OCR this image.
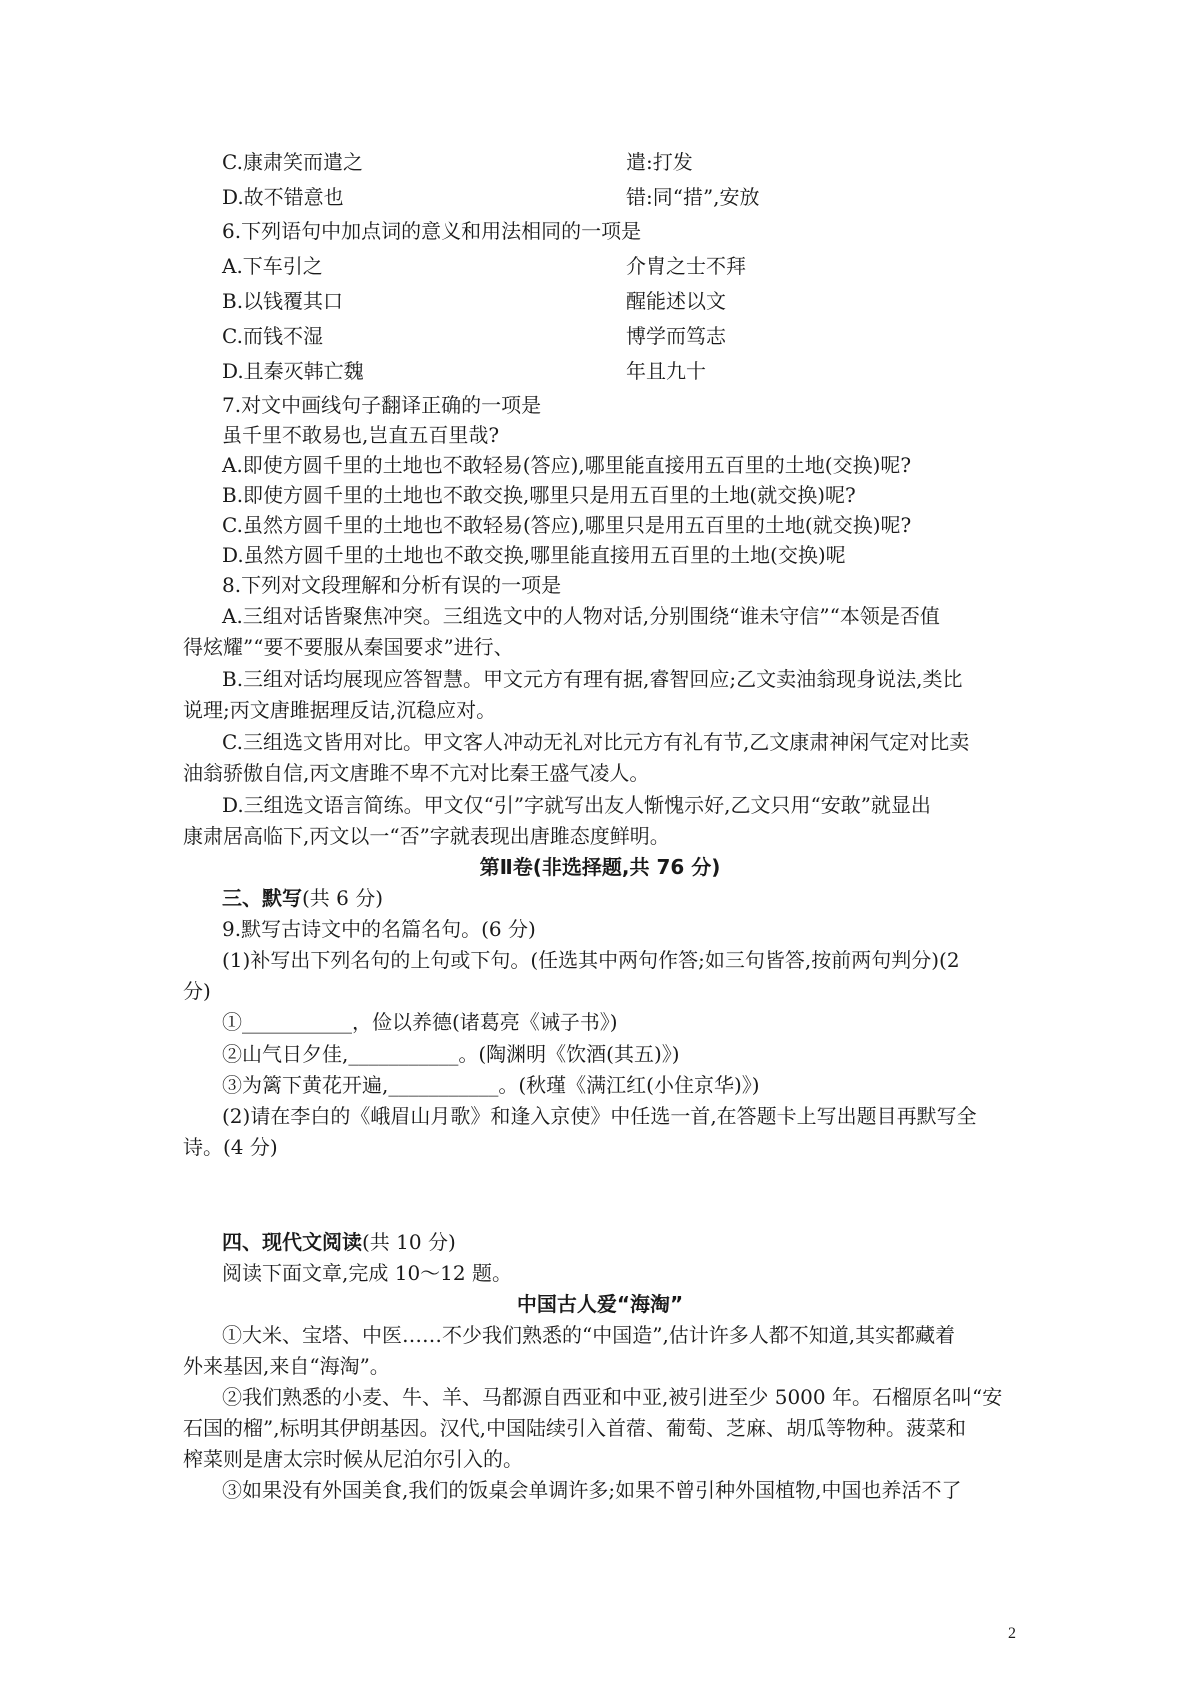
C.康肃笑而遣之	遣:打发
D.故不错意也	错:同“措”,安放
6.下列语句中加点词的意义和用法相同的一项是
A.下车引之	介胄之士不拜
B.以钱覆其口	醒能述以文
C.而钱不湿	博学而笃志
D.且秦灭韩亡魏	年且九十
7.对文中画线句子翻译正确的一项是
虽千里不敢易也,岂直五百里哉?
A.即使方圆千里的土地也不敢轻易(答应),哪里能直接用五百里的土地(交换)呢?
B.即使方圆千里的土地也不敢交换,哪里只是用五百里的土地(就交换)呢?
C.虽然方圆千里的土地也不敢轻易(答应),哪里只是用五百里的土地(就交换)呢?
D.虽然方圆千里的土地也不敢交换,哪里能直接用五百里的土地(交换)呢
8.下列对文段理解和分析有误的一项是
A.三组对话皆聚焦冲突。三组选文中的人物对话,分别围绕“谁未守信”“本领是否值
得炫耀”“要不要服从秦国要求”进行、
B.三组对话均展现应答智慧。甲文元方有理有据,睿智回应;乙文卖油翁现身说法,类比
说理;丙文唐雎据理反诘,沉稳应对。
C.三组选文皆用对比。甲文客人冲动无礼对比元方有礼有节,乙文康肃神闲气定对比卖
油翁骄傲自信,丙文唐雎不卑不亢对比秦王盛气凌人。
D.三组选文语言简练。甲文仅“引”字就写出友人惭愧示好,乙文只用“安敢”就显出
康肃居高临下,丙文以一“否”字就表现出唐雎态度鲜明。
第Ⅱ卷(非选择题,共 76 分)
三、默写(共 6 分)
9.默写古诗文中的名篇名句。(6 分)
(1)补写出下列名句的上句或下句。(任选其中两句作答;如三句皆答,按前两句判分)(2
分)
①___________，俭以养德(诸葛亮《诫子书》)
②山气日夕佳,___________。(陶渊明《饮酒(其五)》)
③为篱下黄花开遍,___________。(秋瑾《满江红(小住京华)》)
(2)请在李白的《峨眉山月歌》和逢入京使》中任选一首,在答题卡上写出题目再默写全
诗。(4 分)
四、现代文阅读(共 10 分)
阅读下面文章,完成 10～12 题。
中国古人爱“海淘”
①大米、宝塔、中医……不少我们熟悉的“中国造”,估计许多人都不知道,其实都藏着
外来基因,来自“海淘”。
②我们熟悉的小麦、牛、羊、马都源自西亚和中亚,被引进至少 5000 年。石榴原名叫“安
石国的榴”,标明其伊朗基因。汉代,中国陆续引入首蓿、葡萄、芝麻、胡瓜等物种。菠菜和
榨菜则是唐太宗时候从尼泊尔引入的。
③如果没有外国美食,我们的饭桌会单调许多;如果不曾引种外国植物,中国也养活不了
2
